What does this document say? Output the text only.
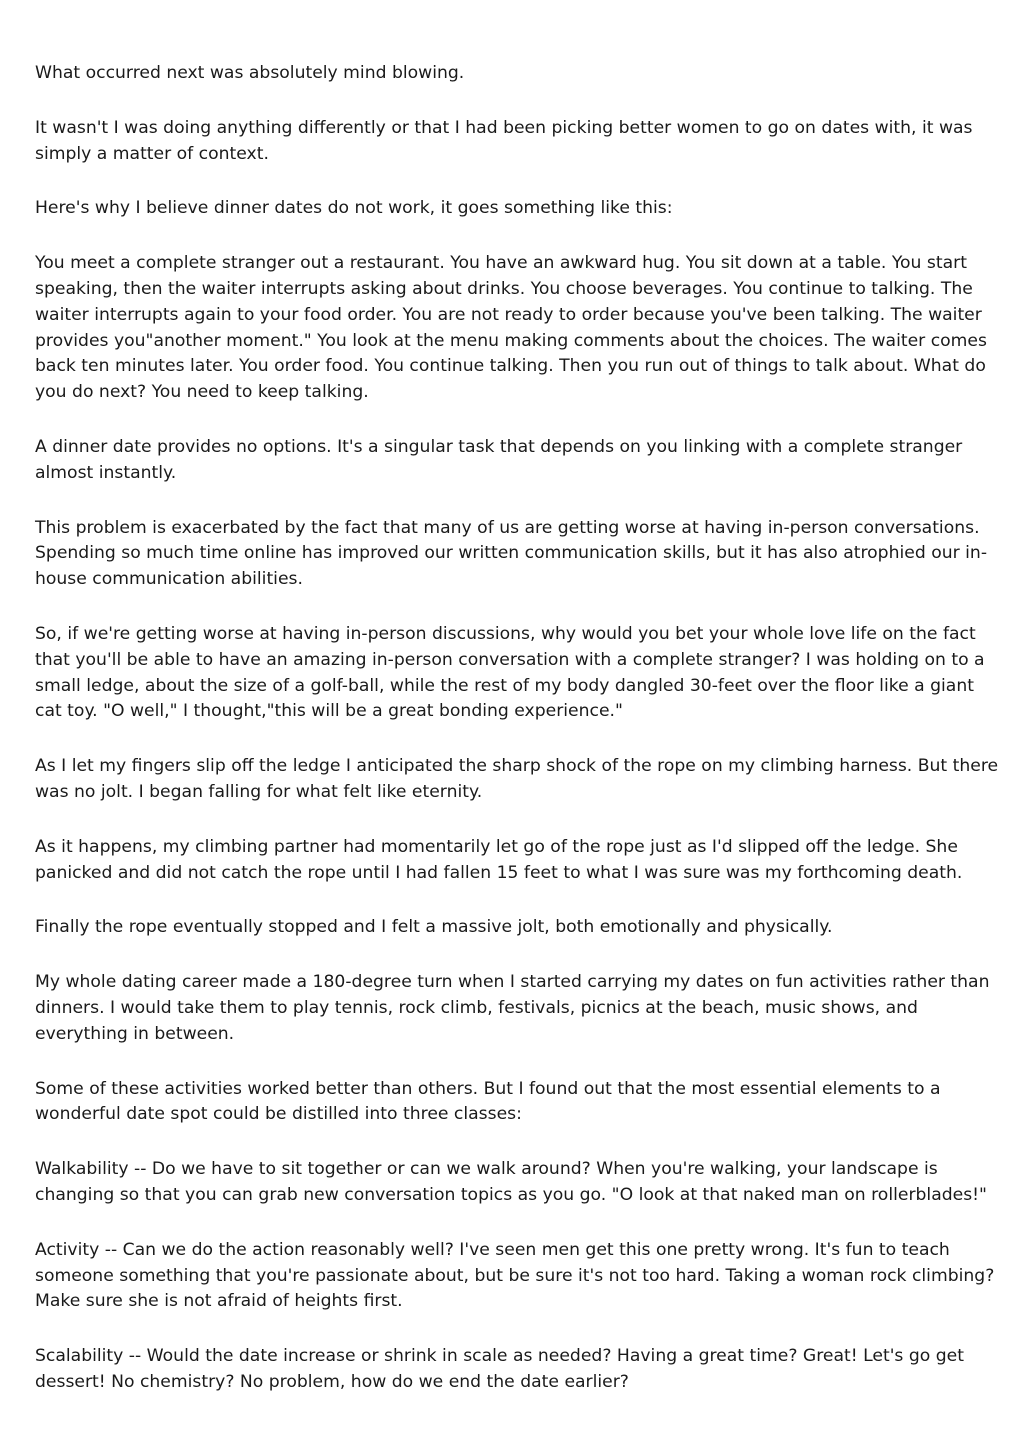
What occurred next was absolutely mind blowing.

It wasn't I was doing anything differently or that I had been picking better women to go on dates with, it was simply a matter of context.

Here's why I believe dinner dates do not work, it goes something like this:

You meet a complete stranger out a restaurant. You have an awkward hug. You sit down at a table. You start speaking, then the waiter interrupts asking about drinks. You choose beverages. You continue to talking. The waiter interrupts again to your food order. You are not ready to order because you've been talking. The waiter provides you"another moment." You look at the menu making comments about the choices. The waiter comes back ten minutes later. You order food. You continue talking. Then you run out of things to talk about. What do you do next? You need to keep talking.

A dinner date provides no options. It's a singular task that depends on you linking with a complete stranger almost instantly.

This problem is exacerbated by the fact that many of us are getting worse at having in-person conversations. Spending so much time online has improved our written communication skills, but it has also atrophied our in-house communication abilities.

So, if we're getting worse at having in-person discussions, why would you bet your whole love life on the fact that you'll be able to have an amazing in-person conversation with a complete stranger? I was holding on to a small ledge, about the size of a golf-ball, while the rest of my body dangled 30-feet over the floor like a giant cat toy. "O well," I thought,"this will be a great bonding experience."

As I let my fingers slip off the ledge I anticipated the sharp shock of the rope on my climbing harness. But there was no jolt. I began falling for what felt like eternity.

As it happens, my climbing partner had momentarily let go of the rope just as I'd slipped off the ledge. She panicked and did not catch the rope until I had fallen 15 feet to what I was sure was my forthcoming death.

Finally the rope eventually stopped and I felt a massive jolt, both emotionally and physically.

My whole dating career made a 180-degree turn when I started carrying my dates on fun activities rather than dinners. I would take them to play tennis, rock climb, festivals, picnics at the beach, music shows, and everything in between.

Some of these activities worked better than others. But I found out that the most essential elements to a wonderful date spot could be distilled into three classes:

Walkability -- Do we have to sit together or can we walk around? When you're walking, your landscape is changing so that you can grab new conversation topics as you go. "O look at that naked man on rollerblades!"

Activity -- Can we do the action reasonably well? I've seen men get this one pretty wrong. It's fun to teach someone something that you're passionate about, but be sure it's not too hard. Taking a woman rock climbing? Make sure she is not afraid of heights first.

Scalability -- Would the date increase or shrink in scale as needed? Having a great time? Great! Let's go get dessert! No chemistry? No problem, how do we end the date earlier?
